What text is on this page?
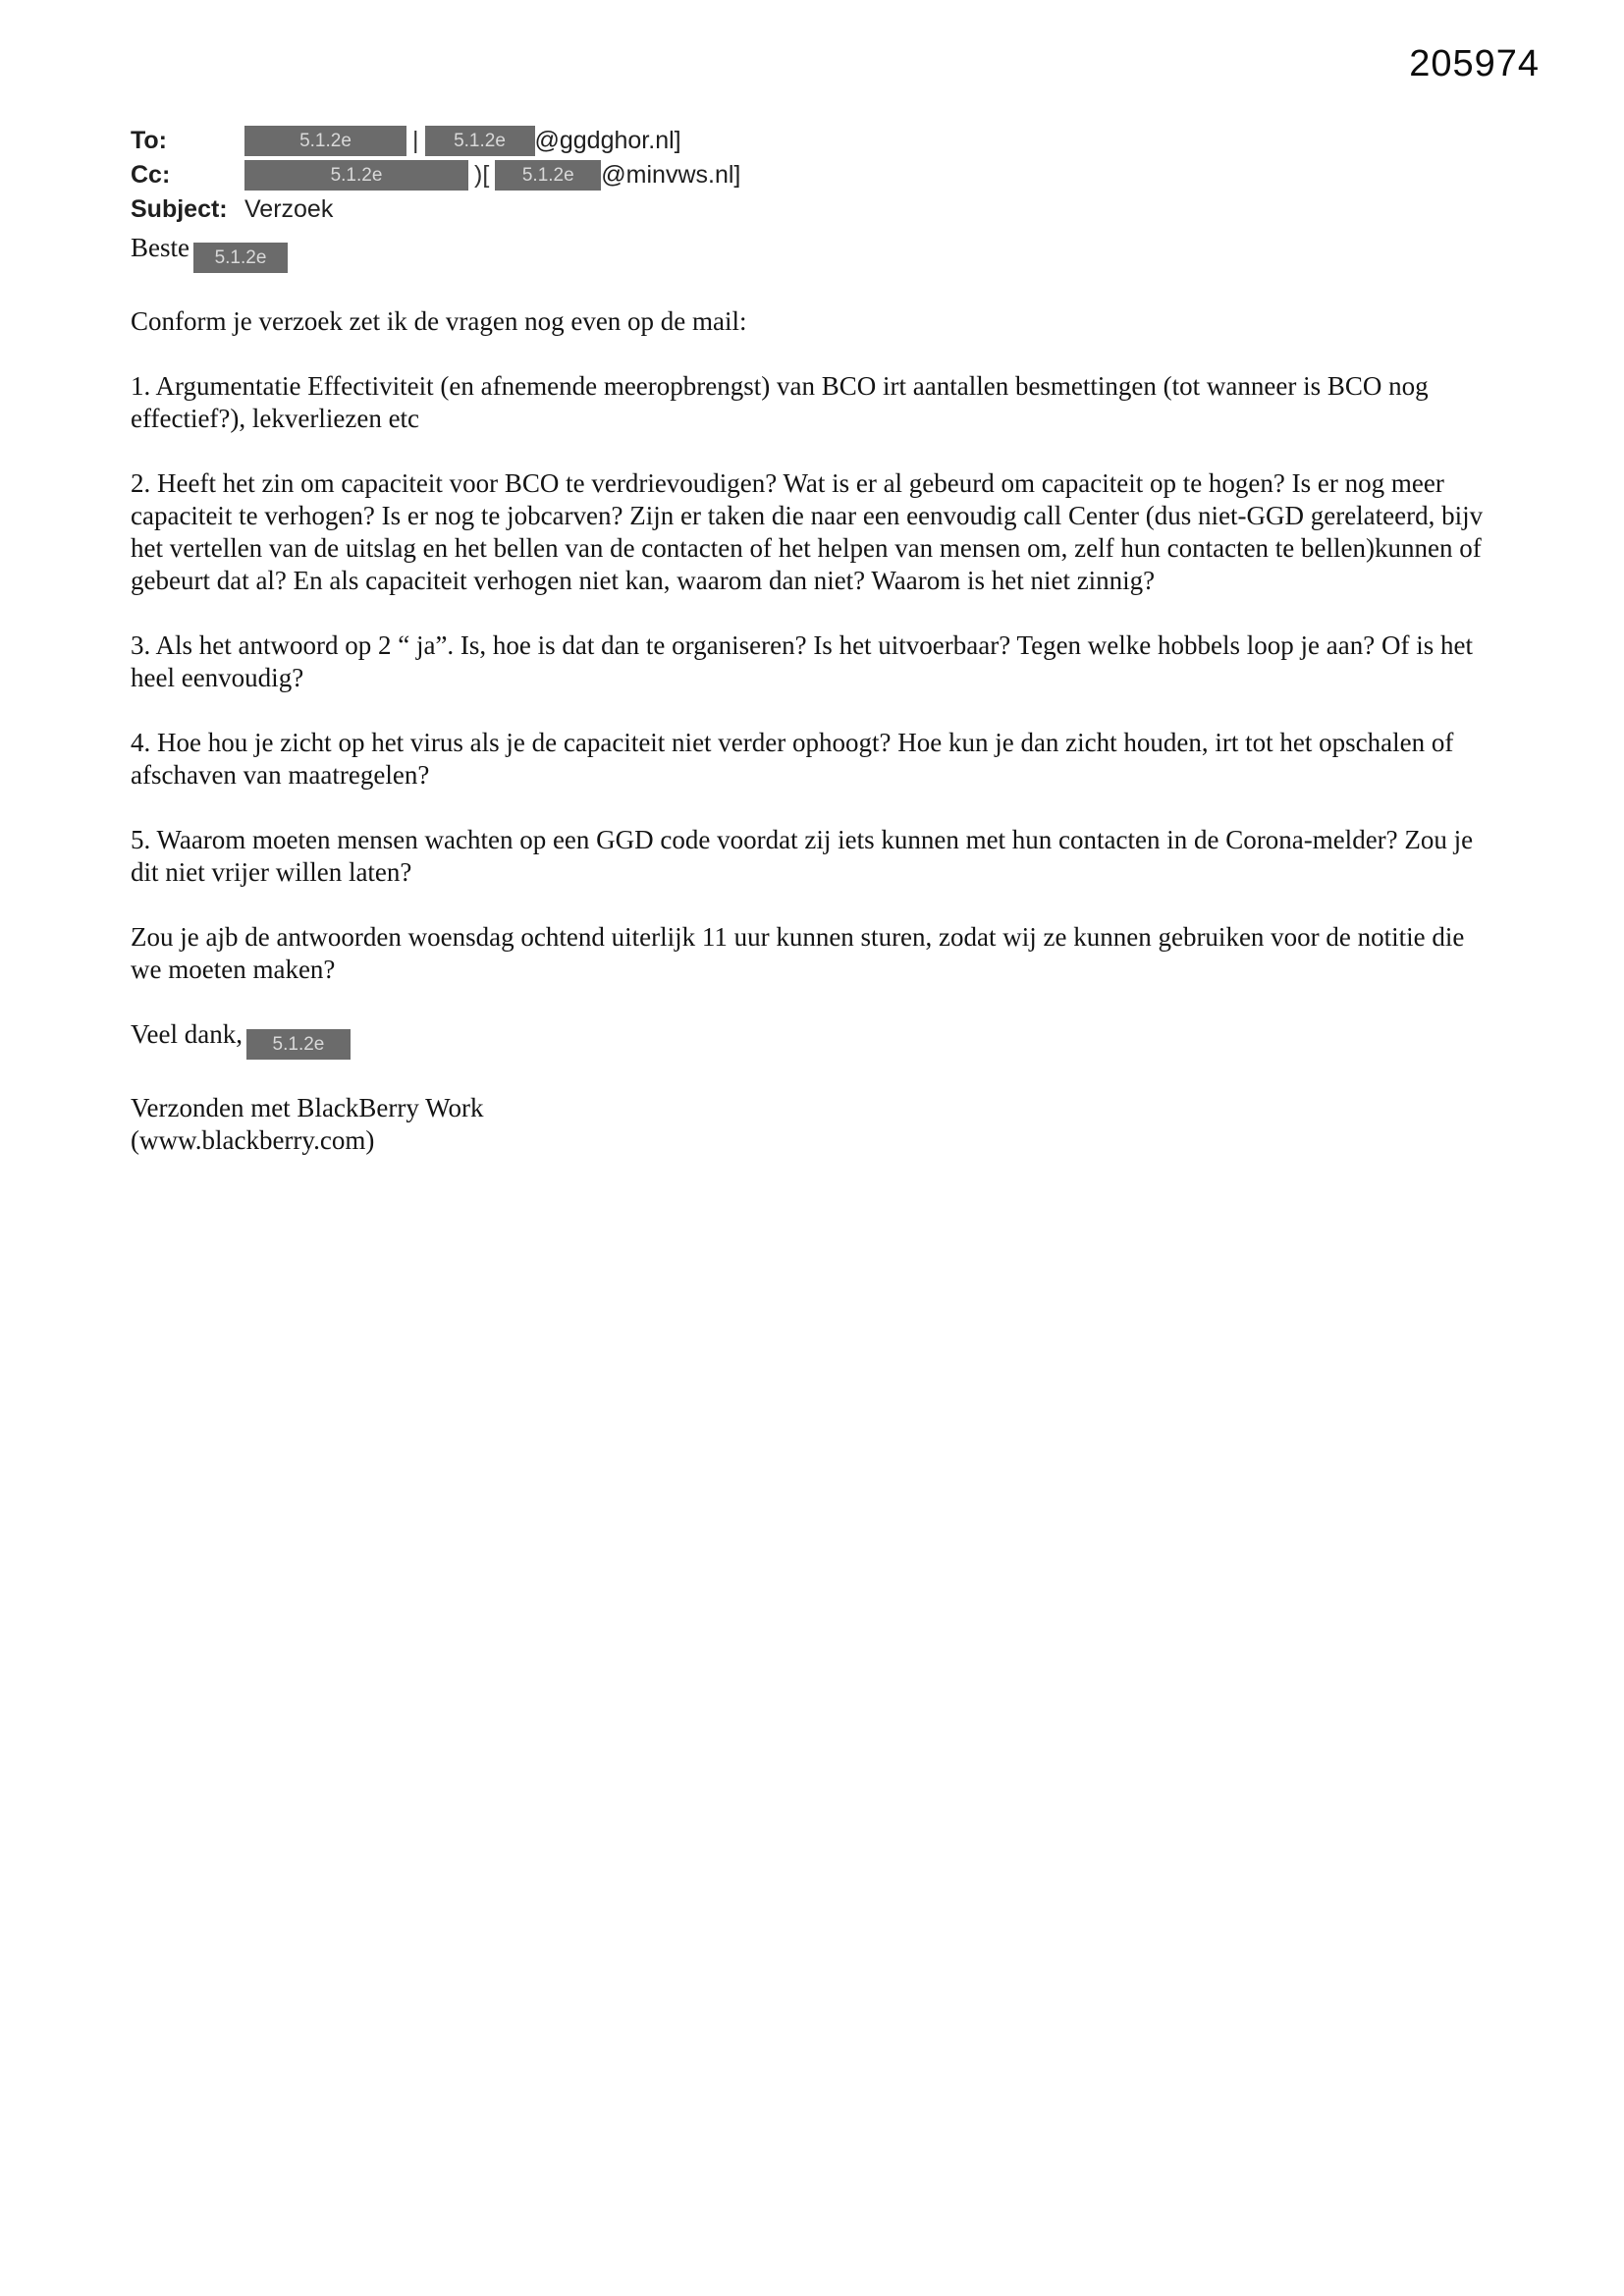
205974
To:	5.1.2e	|	5.1.2e	@ggdghor.nl]
Cc:	5.1.2e	)[	5.1.2e	@minvws.nl]
Subject: Verzoek

Beste 5.1.2e

Conform je verzoek zet ik de vragen nog even op de mail:

1. Argumentatie Effectiviteit (en afnemende meeropbrengst) van BCO irt aantallen besmettingen (tot wanneer is BCO nog effectief?), lekverliezen etc

2. Heeft het zin om capaciteit voor BCO te verdrievoudigen? Wat is er al gebeurd om capaciteit op te hogen? Is er nog meer capaciteit te verhogen? Is er nog te jobcarven? Zijn er taken die naar een eenvoudig call Center (dus niet-GGD gerelateerd, bijv het vertellen van de uitslag en het bellen van de contacten of het helpen van mensen om, zelf hun contacten te bellen)kunnen of gebeurt dat al? En als capaciteit verhogen niet kan, waarom dan niet? Waarom is het niet zinnig?

3. Als het antwoord op 2 “ ja”. Is, hoe is dat dan te organiseren? Is het uitvoerbaar? Tegen welke hobbels loop je aan? Of is het heel eenvoudig?

4. Hoe hou je zicht op het virus als je de capaciteit niet verder ophoogt? Hoe kun je dan zicht houden, irt tot het opschalen of afschaven van maatregelen?

5. Waarom moeten mensen wachten op een GGD code voordat zij iets kunnen met hun contacten in de Corona-melder? Zou je dit niet vrijer willen laten?

Zou je ajb de antwoorden woensdag ochtend uiterlijk 11 uur kunnen sturen, zodat wij ze kunnen gebruiken voor de notitie die we moeten maken?

Veel dank, 5.1.2e

Verzonden met BlackBerry Work

(www.blackberry.com)
